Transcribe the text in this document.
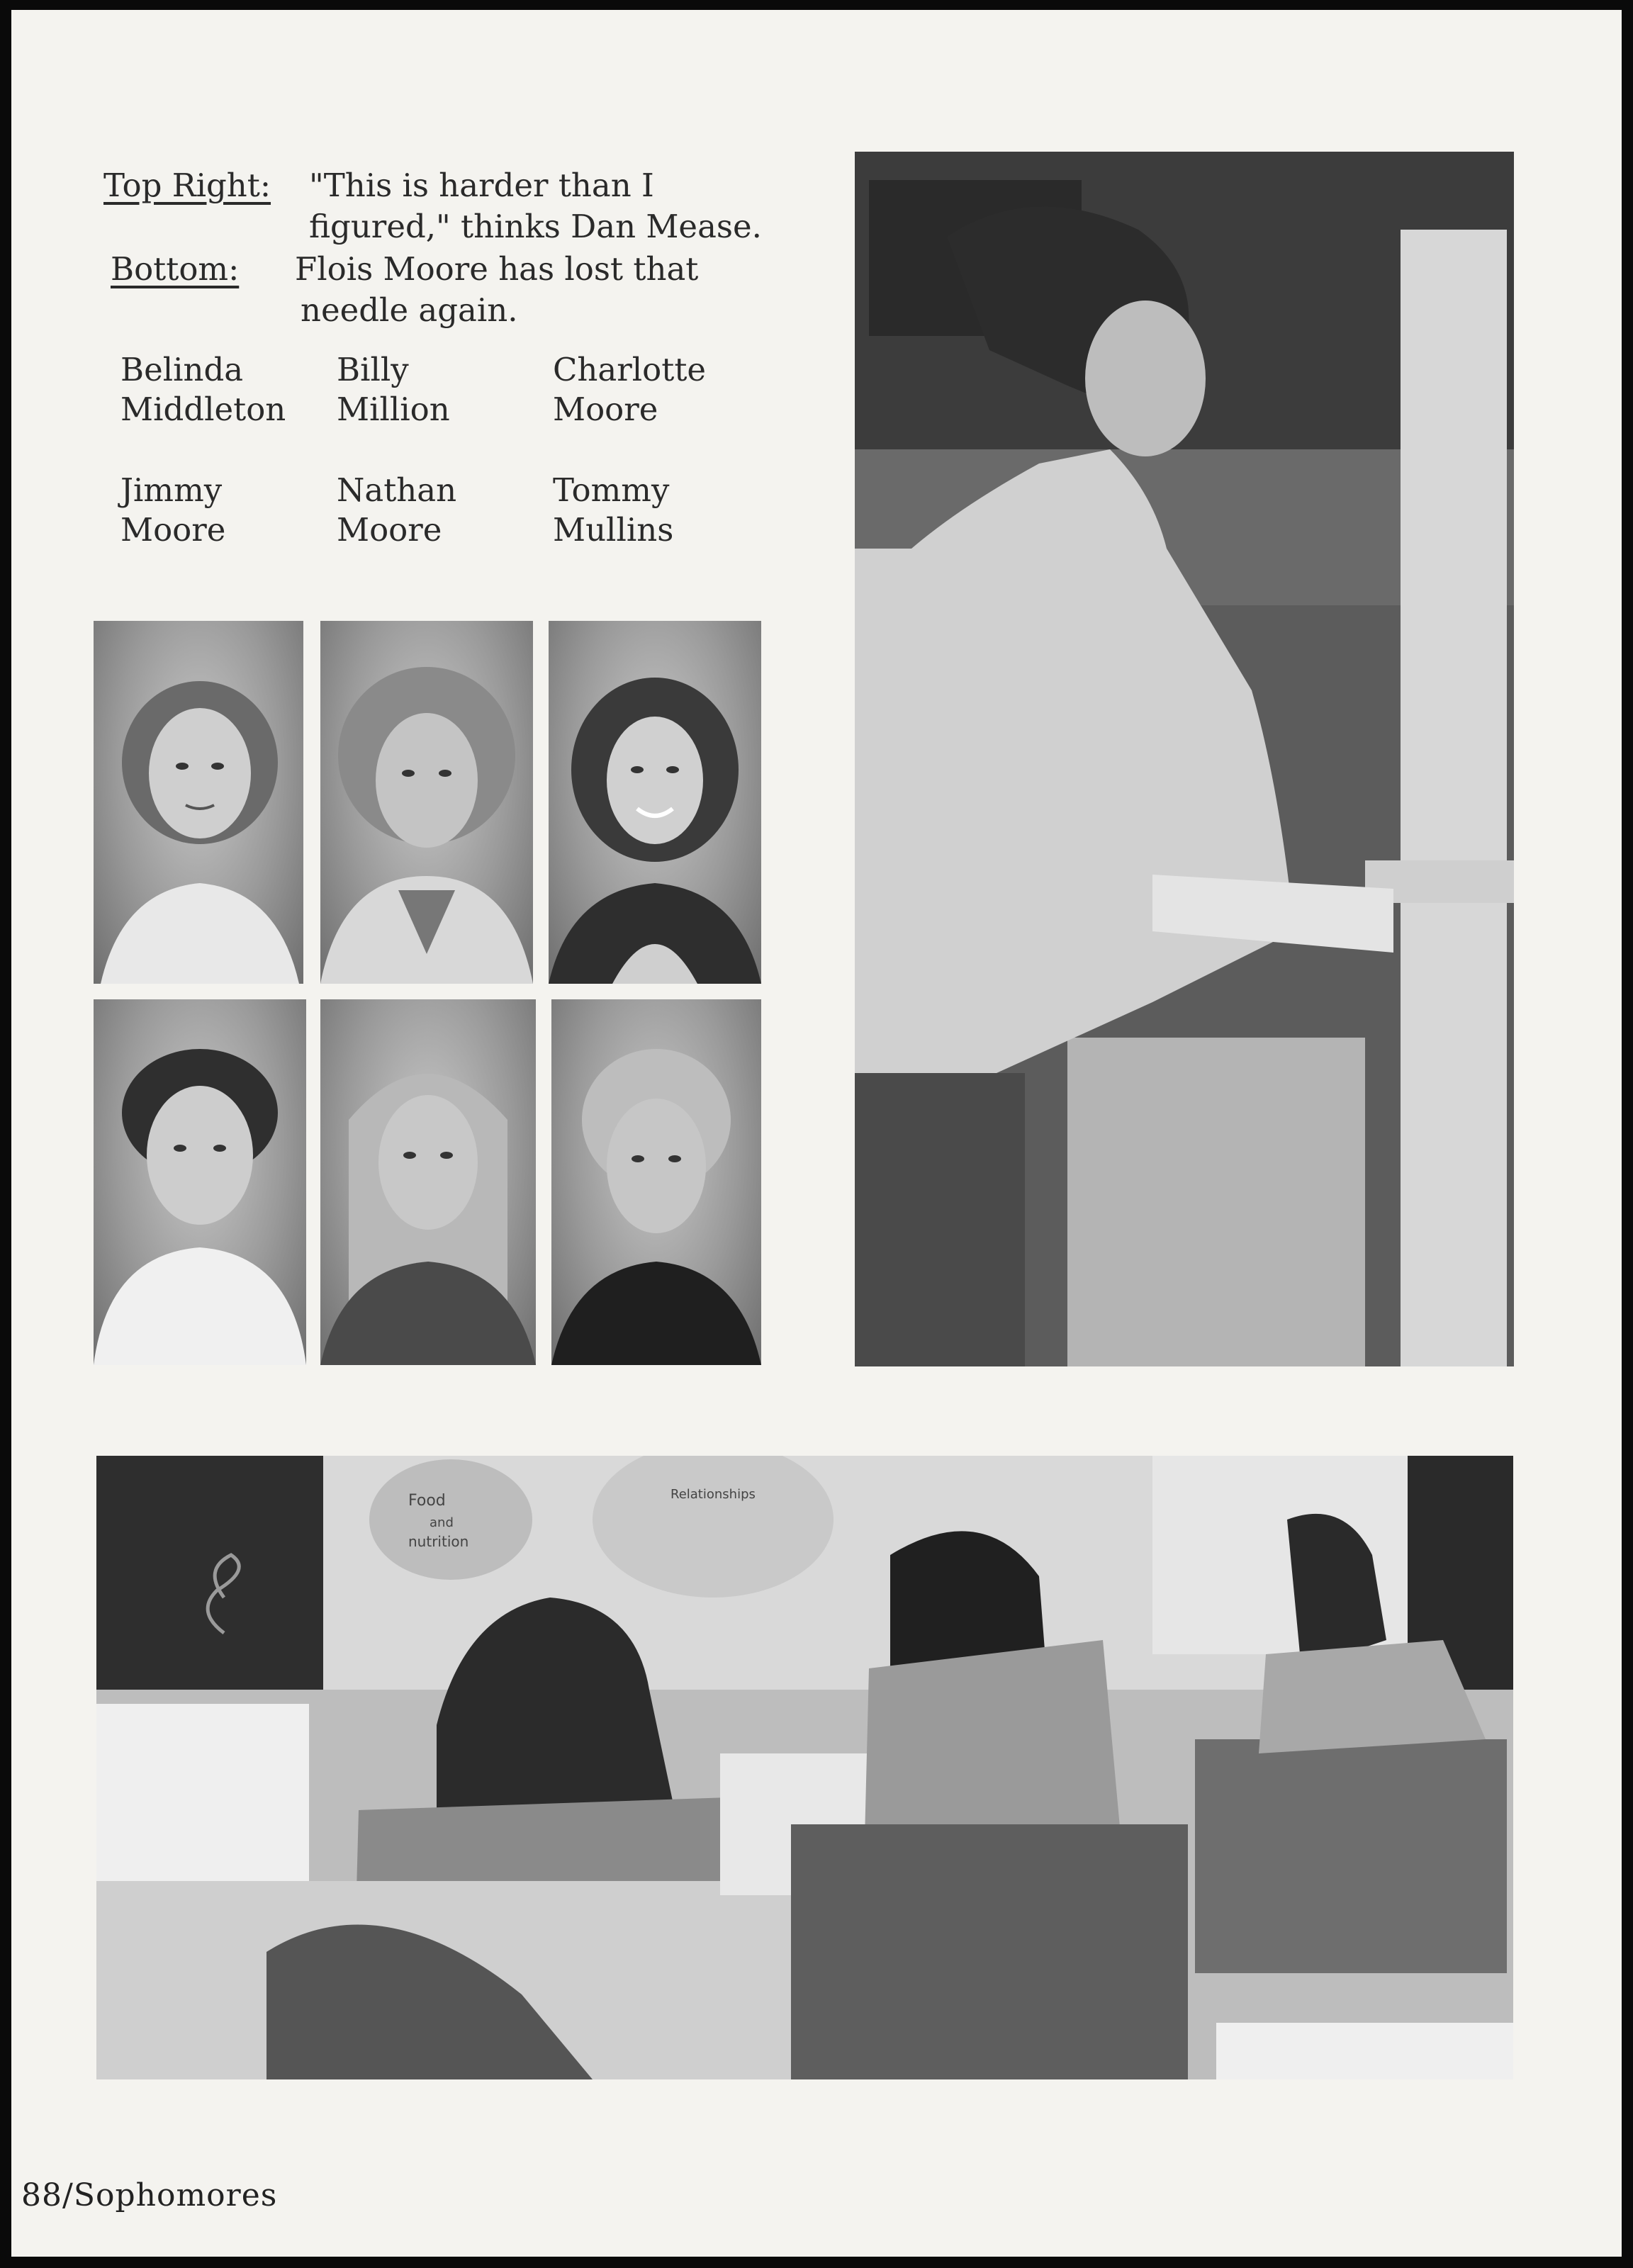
Top Right: "This is harder than I
figured," thinks Dan Mease.
Bottom: Flois Moore has lost that
needle again.
Belinda
Middleton
Billy
Million
Charlotte
Moore
Jimmy
Moore
Nathan
Moore
Tommy
Mullins
Food
and
nutrition
Relationships
88/Sophomores
